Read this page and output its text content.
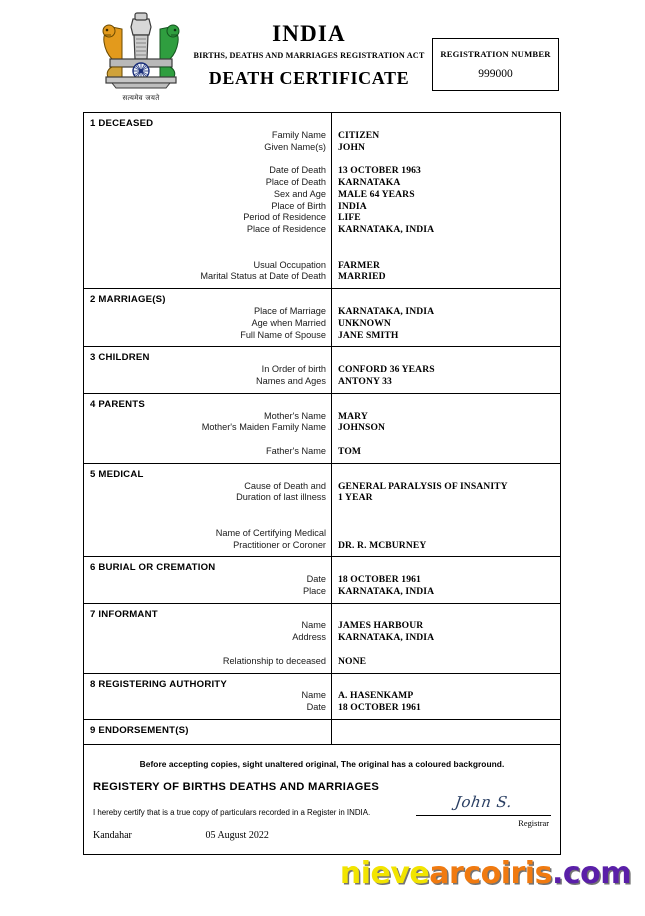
सत्यमेव जयते
INDIA
BIRTHS, DEATHS AND MARRIAGES REGISTRATION ACT
DEATH CERTIFICATE
REGISTRATION NUMBER
999000
1 DECEASED
Family Name
Given Name(s)
Date of Death
Place of Death
Sex and Age
Place of Birth
Period of Residence
Place of Residence
Usual Occupation
Marital Status at Date of Death
CITIZEN
JOHN
13 OCTOBER 1963
KARNATAKA
MALE 64 YEARS
INDIA
LIFE
KARNATAKA, INDIA
FARMER
MARRIED
2 MARRIAGE(S)
Place of Marriage
Age when Married
Full Name of Spouse
KARNATAKA, INDIA
UNKNOWN
JANE SMITH
3 CHILDREN
In Order of birth
Names and Ages
CONFORD 36 YEARS
ANTONY 33
4 PARENTS
Mother's Name
Mother's Maiden Family Name
Father's Name
MARY
JOHNSON
TOM
5 MEDICAL
Cause of Death and
Duration of last illness
Name of Certifying Medical
Practitioner or Coroner
GENERAL PARALYSIS OF INSANITY
1 YEAR
DR. R. MCBURNEY
6 BURIAL OR CREMATION
Date
Place
18 OCTOBER 1961
KARNATAKA, INDIA
7 INFORMANT
Name
Address
Relationship to deceased
JAMES HARBOUR
KARNATAKA, INDIA
NONE
8 REGISTERING AUTHORITY
Name
Date
A. HASENKAMP
18 OCTOBER 1961
9 ENDORSEMENT(S)
Before accepting copies, sight unaltered original, The original has a coloured background.
REGISTERY OF BIRTHS DEATHS AND MARRIAGES
I hereby certify that is a true copy of particulars recorded in a Register in INDIA.
Kandahar	05 August 2022
John S.
Registrar
nievearcoiris.com
